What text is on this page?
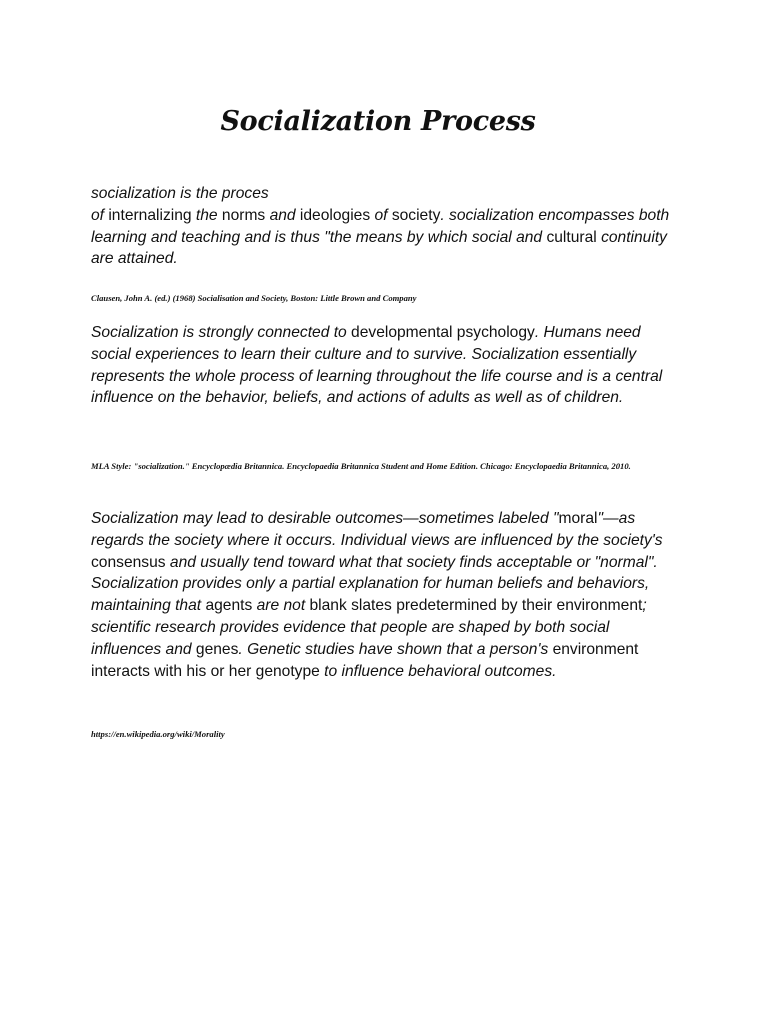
Socialization Process

socialization is the proces
of internalizing the norms and ideologies of society. socialization encompasses both learning and teaching and is thus "the means by which social and cultural continuity are attained.

Clausen, John A. (ed.) (1968) Socialisation and Society, Boston: Little Brown and Company

Socialization is strongly connected to developmental psychology. Humans need social experiences to learn their culture and to survive. Socialization essentially represents the whole process of learning throughout the life course and is a central influence on the behavior, beliefs, and actions of adults as well as of children.

MLA Style: "socialization." Encyclopædia Britannica. Encyclopaedia Britannica Student and Home Edition. Chicago: Encyclopaedia Britannica, 2010.

Socialization may lead to desirable outcomes—sometimes labeled "moral"—as regards the society where it occurs. Individual views are influenced by the society's consensus and usually tend toward what that society finds acceptable or "normal". Socialization provides only a partial explanation for human beliefs and behaviors, maintaining that agents are not blank slates predetermined by their environment; scientific research provides evidence that people are shaped by both social influences and genes. Genetic studies have shown that a person's environment interacts with his or her genotype to influence behavioral outcomes.

https://en.wikipedia.org/wiki/Morality
